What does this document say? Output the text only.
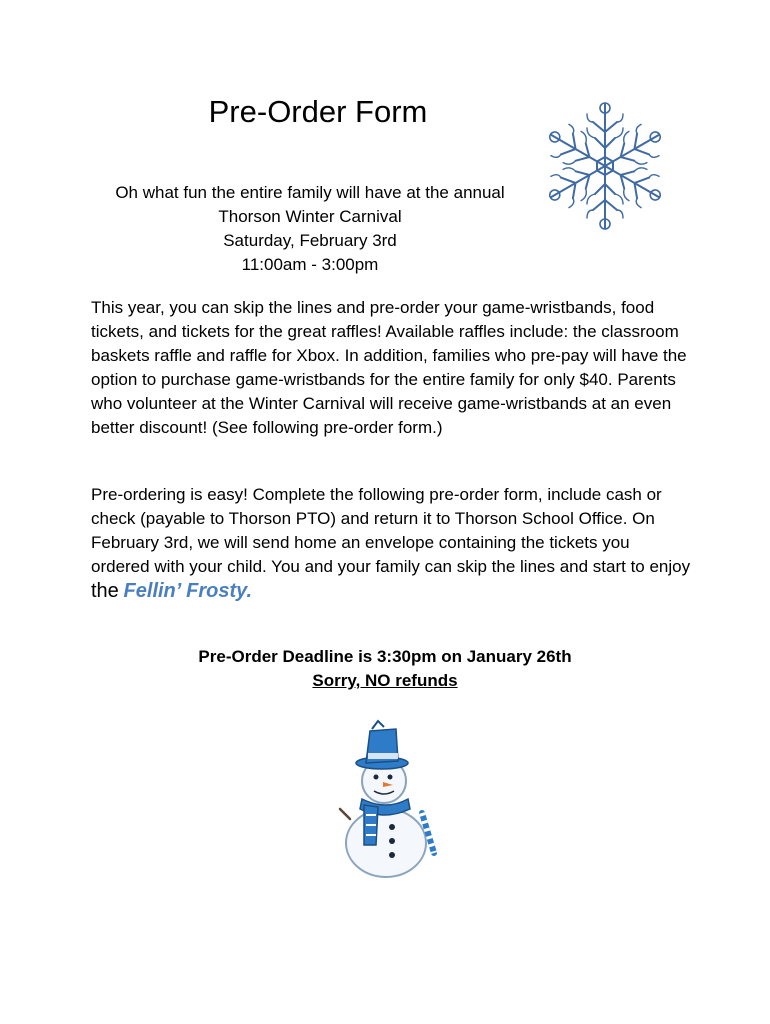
Pre-Order Form
Oh what fun the entire family will have at the annual
Thorson Winter Carnival
Saturday, February 3rd
11:00am - 3:00pm
This year, you can skip the lines and pre-order your game-wristbands, food tickets, and tickets for the great raffles! Available raffles include: the classroom baskets raffle and raffle for Xbox. In addition, families who pre-pay will have the option to purchase game-wristbands for the entire family for only $40. Parents who volunteer at the Winter Carnival will receive game-wristbands at an even better discount! (See following pre-order form.)
Pre-ordering is easy! Complete the following pre-order form, include cash or check (payable to Thorson PTO) and return it to Thorson School Office. On February 3rd, we will send home an envelope containing the tickets you ordered with your child. You and your family can skip the lines and start to enjoy the Fellin’ Frosty.
Pre-Order Deadline is 3:30pm on January 26th
Sorry, NO refunds
